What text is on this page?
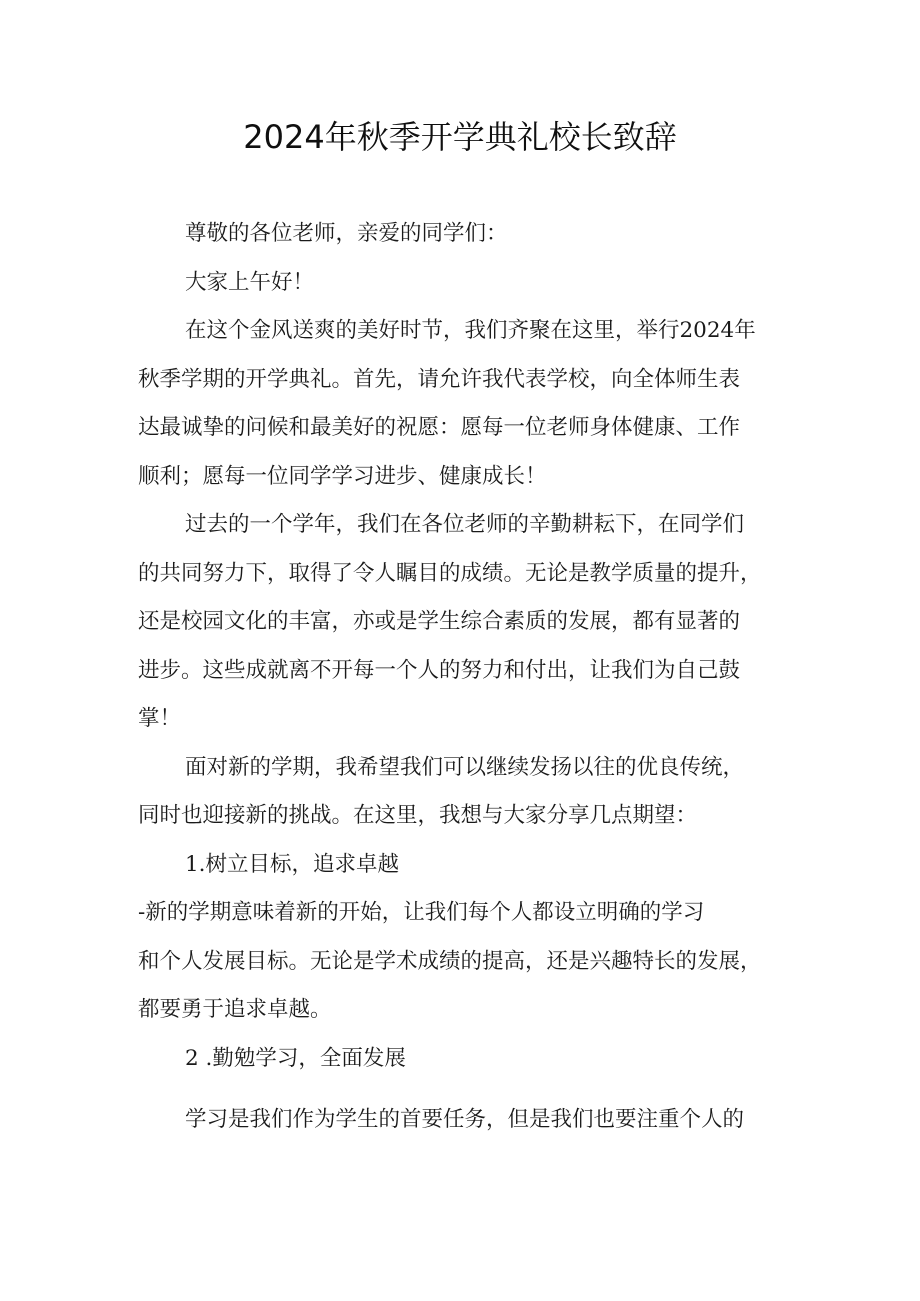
2024年秋季开学典礼校长致辞
尊敬的各位老师，亲爱的同学们：
大家上午好！
在这个金风送爽的美好时节，我们齐聚在这里，举行2024年
秋季学期的开学典礼。首先，请允许我代表学校，向全体师生表
达最诚挚的问候和最美好的祝愿：愿每一位老师身体健康、工作
顺利；愿每一位同学学习进步、健康成长！
过去的一个学年，我们在各位老师的辛勤耕耘下，在同学们
的共同努力下，取得了令人瞩目的成绩。无论是教学质量的提升，
还是校园文化的丰富，亦或是学生综合素质的发展，都有显著的
进步。这些成就离不开每一个人的努力和付出，让我们为自己鼓
掌！
面对新的学期，我希望我们可以继续发扬以往的优良传统，
同时也迎接新的挑战。在这里，我想与大家分享几点期望：
1.树立目标，追求卓越
-新的学期意味着新的开始，让我们每个人都设立明确的学习
和个人发展目标。无论是学术成绩的提高，还是兴趣特长的发展，
都要勇于追求卓越。
2 .勤勉学习，全面发展
学习是我们作为学生的首要任务，但是我们也要注重个人的
